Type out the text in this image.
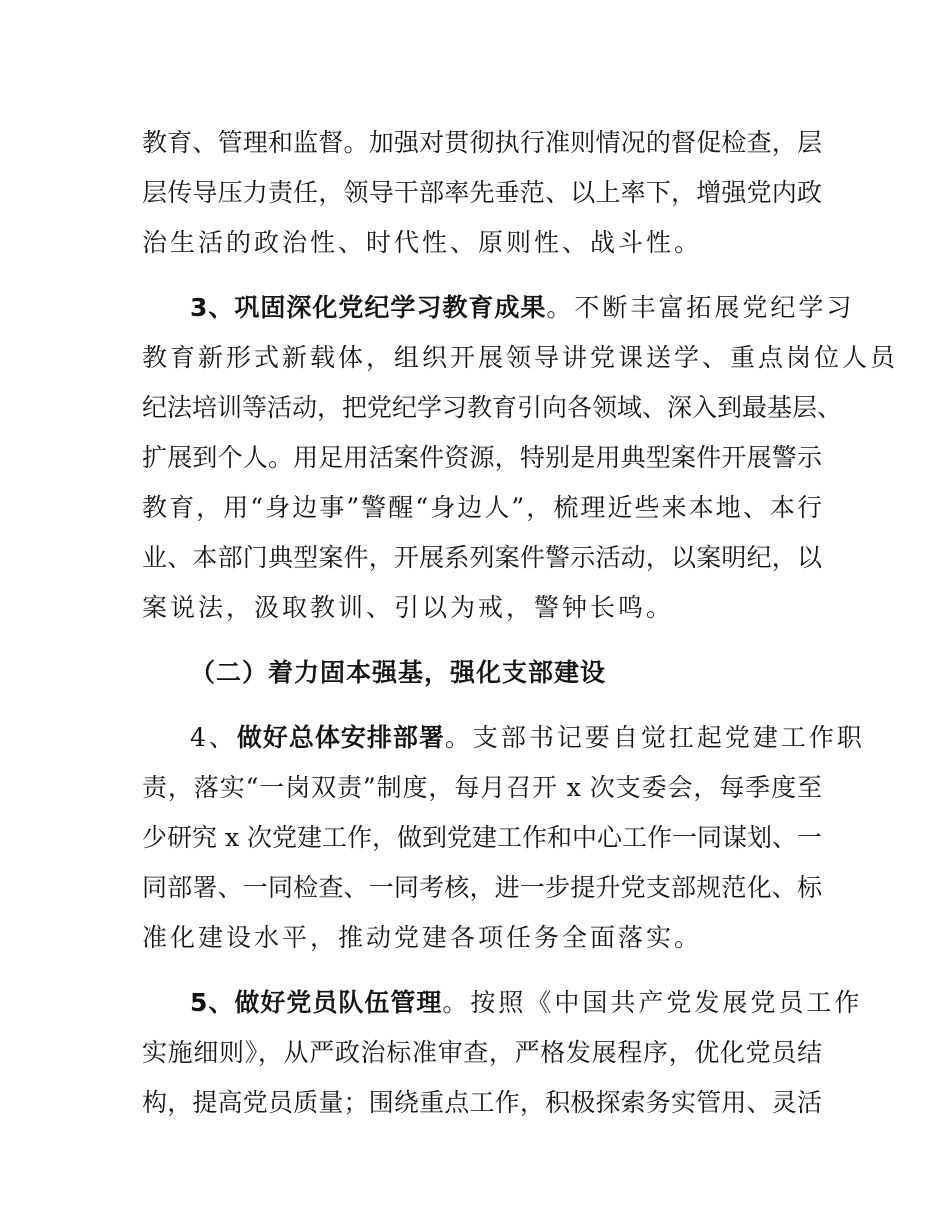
教育、管理和监督。加强对贯彻执行准则情况的督促检查，层
层传导压力责任，领导干部率先垂范、以上率下，增强党内政
治生活的政治性、时代性、原则性、战斗性。
3、巩固深化党纪学习教育成果。不断丰富拓展党纪学习
教育新形式新载体，组织开展领导讲党课送学、重点岗位人员
纪法培训等活动，把党纪学习教育引向各领域、深入到最基层、
扩展到个人。用足用活案件资源，特别是用典型案件开展警示
教育，用“身边事”警醒“身边人”，梳理近些来本地、本行
业、本部门典型案件，开展系列案件警示活动，以案明纪，以
案说法，汲取教训、引以为戒，警钟长鸣。
（二）着力固本强基，强化支部建设
4、做好总体安排部署。支部书记要自觉扛起党建工作职
责，落实“一岗双责”制度，每月召开 x 次支委会，每季度至
少研究 x 次党建工作，做到党建工作和中心工作一同谋划、一
同部署、一同检查、一同考核，进一步提升党支部规范化、标
准化建设水平，推动党建各项任务全面落实。
5、做好党员队伍管理。按照《中国共产党发展党员工作
实施细则》，从严政治标准审查，严格发展程序，优化党员结
构，提高党员质量；围绕重点工作，积极探索务实管用、灵活
